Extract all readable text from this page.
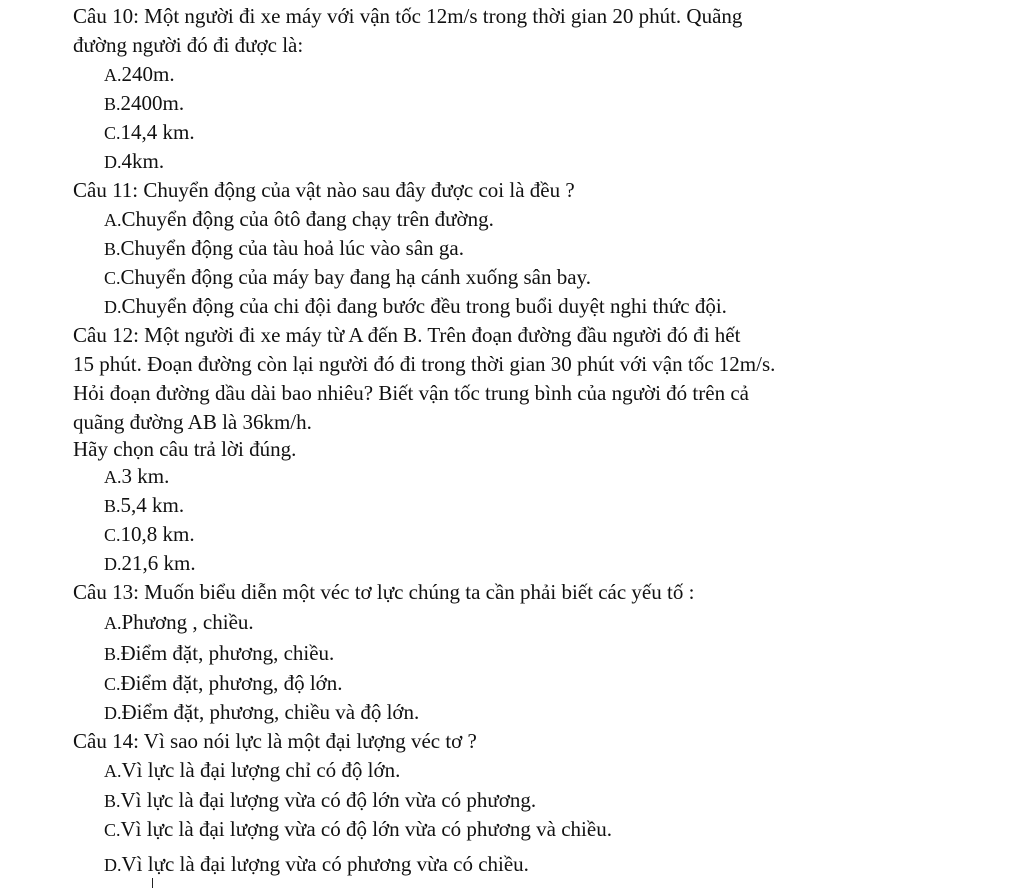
Câu 10: Một người đi xe máy với vận tốc 12m/s trong thời gian 20 phút. Quãng
đường người đó đi được là:
A.240m.
B.2400m.
C.14,4 km.
D.4km.
Câu 11: Chuyển động của vật nào sau đây được coi là đều ?
A.Chuyển động của ôtô đang chạy trên đường.
B.Chuyển động của tàu hoả lúc vào sân ga.
C.Chuyển động của máy bay đang hạ cánh xuống sân bay.
D.Chuyển động của chi đội đang bước đều trong buổi duyệt nghi thức đội.
Câu 12: Một người đi xe máy từ A đến B. Trên đoạn đường đầu người đó đi hết
15 phút. Đoạn đường còn lại người đó đi trong thời gian 30 phút với vận tốc 12m/s.
Hỏi đoạn đường dầu dài bao nhiêu? Biết vận tốc trung bình của người đó trên cả
quãng đường AB là 36km/h.
Hãy chọn câu trả lời đúng.
A.3 km.
B.5,4 km.
C.10,8 km.
D.21,6 km.
Câu 13: Muốn biểu diễn một véc tơ lực chúng ta cần phải biết các yếu tố :
A.Phương , chiều.
B.Điểm đặt, phương, chiều.
C.Điểm đặt, phương, độ lớn.
D.Điểm đặt, phương, chiều và độ lớn.
Câu 14: Vì sao nói lực là một đại lượng véc tơ ?
A.Vì lực là đại lượng chỉ có độ lớn.
B.Vì lực là đại lượng vừa có độ lớn vừa có phương.
C.Vì lực là đại lượng vừa có độ lớn vừa có phương và chiều.
D.Vì lực là đại lượng vừa có phương vừa có chiều.
